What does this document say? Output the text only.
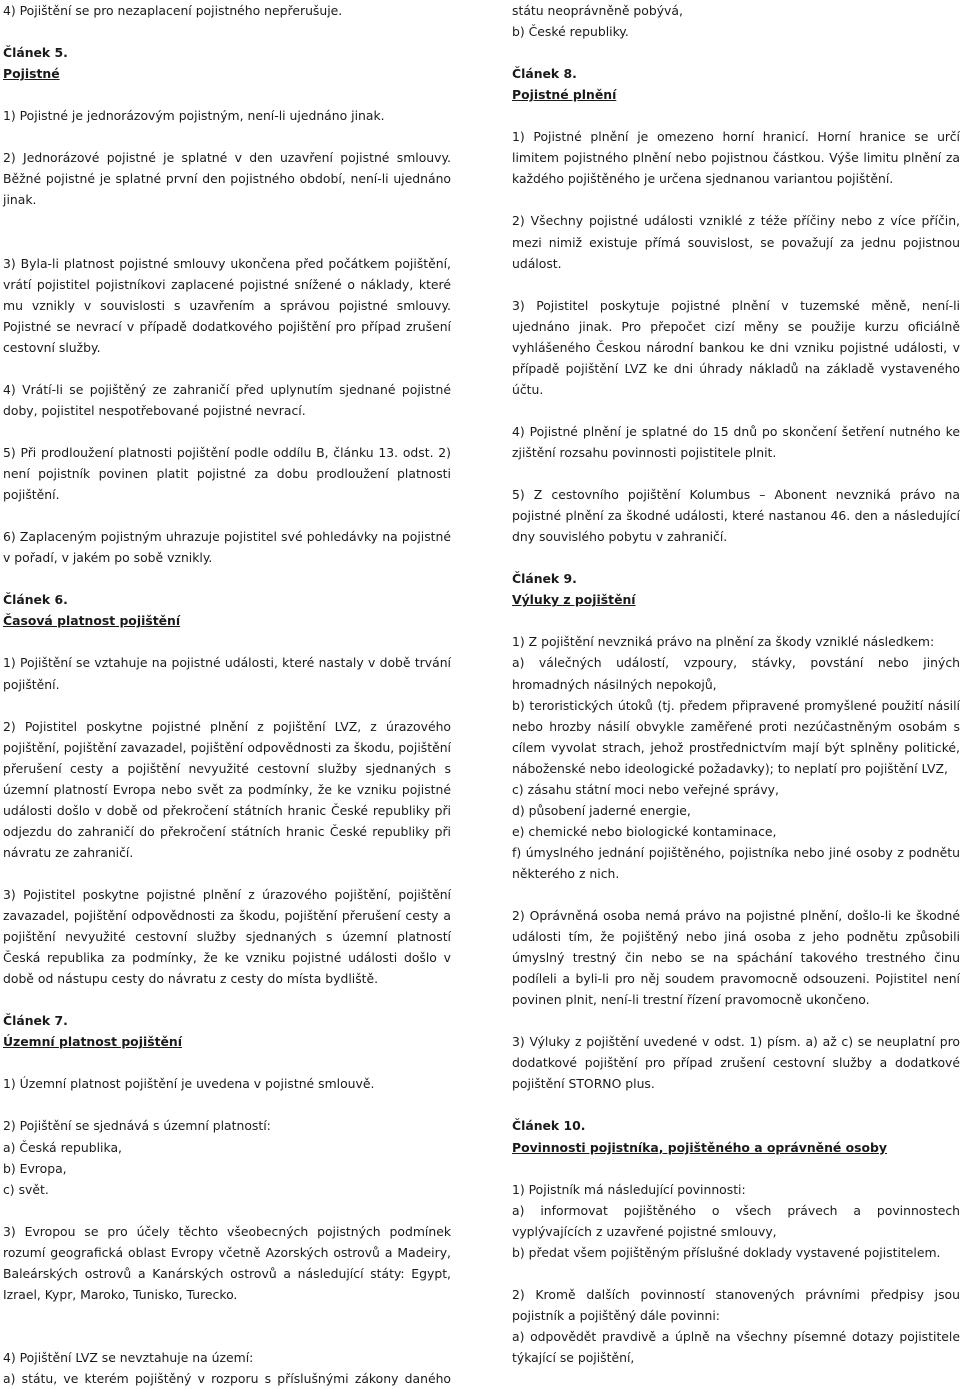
4) Pojištění se pro nezaplacení pojistného nepřerušuje.
Článek 5.
Pojistné
1) Pojistné je jednorázovým pojistným, není-li ujednáno jinak.
2) Jednorázové pojistné je splatné v den uzavření pojistné smlouvy. Běžné pojistné je splatné první den pojistného období, není-li ujednáno jinak.
3) Byla-li platnost pojistné smlouvy ukončena před počátkem pojištění, vrátí pojistitel pojistníkovi zaplacené pojistné snížené o náklady, které mu vznikly v souvislosti s uzavřením a správou pojistné smlouvy. Pojistné se nevrací v případě dodatkového pojištění pro případ zrušení cestovní služby.
4) Vrátí-li se pojištěný ze zahraničí před uplynutím sjednané pojistné doby, pojistitel nespotřebované pojistné nevrací.
5) Při prodloužení platnosti pojištění podle oddílu B, článku 13. odst. 2) není pojistník povinen platit pojistné za dobu prodloužení platnosti pojištění.
6) Zaplaceným pojistným uhrazuje pojistitel své pohledávky na pojistné v pořadí, v jakém po sobě vznikly.
Článek 6.
Časová platnost pojištění
1) Pojištění se vztahuje na pojistné události, které nastaly v době trvání pojištění.
2) Pojistitel poskytne pojistné plnění z pojištění LVZ, z úrazového pojištění, pojištění zavazadel, pojištění odpovědnosti za škodu, pojištění přerušení cesty a pojištění nevyužité cestovní služby sjednaných s územní platností Evropa nebo svět za podmínky, že ke vzniku pojistné události došlo v době od překročení státních hranic České republiky při odjezdu do zahraničí do překročení státních hranic České republiky při návratu ze zahraničí.
3) Pojistitel poskytne pojistné plnění z úrazového pojištění, pojištění zavazadel, pojištění odpovědnosti za škodu, pojištění přerušení cesty a pojištění nevyužité cestovní služby sjednaných s územní platností Česká republika za podmínky, že ke vzniku pojistné události došlo v době od nástupu cesty do návratu z cesty do místa bydliště.
Článek 7.
Územní platnost pojištění
1) Územní platnost pojištění je uvedena v pojistné smlouvě.
2) Pojištění se sjednává s územní platností:
a) Česká republika,
b) Evropa,
c) svět.
3) Evropou se pro účely těchto všeobecných pojistných podmínek rozumí geografická oblast Evropy včetně Azorských ostrovů a Madeiry, Baleárských ostrovů a Kanárských ostrovů a následující státy: Egypt, Izrael, Kypr, Maroko, Tunisko, Turecko.
4) Pojištění LVZ se nevztahuje na území:
a) státu, ve kterém pojištěný v rozporu s příslušnými zákony daného
státu neoprávněně pobývá,
b) České republiky.
Článek 8.
Pojistné plnění
1) Pojistné plnění je omezeno horní hranicí. Horní hranice se určí limitem pojistného plnění nebo pojistnou částkou. Výše limitu plnění za každého pojištěného je určena sjednanou variantou pojištění.
2) Všechny pojistné události vzniklé z téže příčiny nebo z více příčin, mezi nimiž existuje přímá souvislost, se považují za jednu pojistnou událost.
3) Pojistitel poskytuje pojistné plnění v tuzemské měně, není-li ujednáno jinak. Pro přepočet cizí měny se použije kurzu oficiálně vyhlášeného Českou národní bankou ke dni vzniku pojistné události, v případě pojištění LVZ ke dni úhrady nákladů na základě vystaveného účtu.
4) Pojistné plnění je splatné do 15 dnů po skončení šetření nutného ke zjištění rozsahu povinnosti pojistitele plnit.
5) Z cestovního pojištění Kolumbus – Abonent nevzniká právo na pojistné plnění za škodné události, které nastanou 46. den a následující dny souvislého pobytu v zahraničí.
Článek 9.
Výluky z pojištění
1) Z pojištění nevzniká právo na plnění za škody vzniklé následkem:
a) válečných událostí, vzpoury, stávky, povstání nebo jiných hromadných násilných nepokojů,
b) teroristických útoků (tj. předem připravené promyšlené použití násilí nebo hrozby násilí obvykle zaměřené proti nezúčastněným osobám s cílem vyvolat strach, jehož prostřednictvím mají být splněny politické, náboženské nebo ideologické požadavky); to neplatí pro pojištění LVZ,
c) zásahu státní moci nebo veřejné správy,
d) působení jaderné energie,
e) chemické nebo biologické kontaminace,
f) úmyslného jednání pojištěného, pojistníka nebo jiné osoby z podnětu některého z nich.
2) Oprávněná osoba nemá právo na pojistné plnění, došlo-li ke škodné události tím, že pojištěný nebo jiná osoba z jeho podnětu způsobili úmyslný trestný čin nebo se na spáchání takového trestného činu podíleli a byli-li pro něj soudem pravomocně odsouzeni. Pojistitel není povinen plnit, není-li trestní řízení pravomocně ukončeno.
3) Výluky z pojištění uvedené v odst. 1) písm. a) až c) se neuplatní pro dodatkové pojištění pro případ zrušení cestovní služby a dodatkové pojištění STORNO plus.
Článek 10.
Povinnosti pojistníka, pojištěného a oprávněné osoby
1) Pojistník má následující povinnosti:
a) informovat pojištěného o všech právech a povinnostech vyplývajících z uzavřené pojistné smlouvy,
b) předat všem pojištěným příslušné doklady vystavené pojistitelem.
2) Kromě dalších povinností stanovených právními předpisy jsou pojistník a pojištěný dále povinni:
a) odpovědět pravdivě a úplně na všechny písemné dotazy pojistitele týkající se pojištění,
